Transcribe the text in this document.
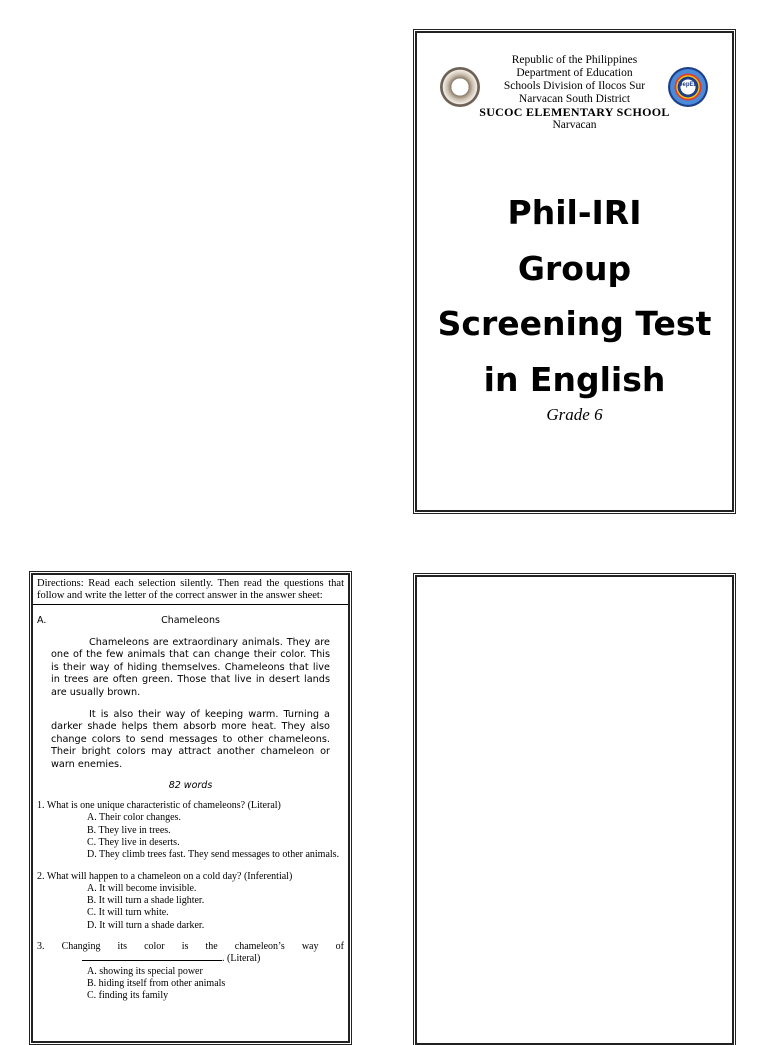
DepED
Republic of the Philippines
Department of Education
Schools Division of Ilocos Sur
Narvacan South District
SUCOC ELEMENTARY SCHOOL
Narvacan
Phil-IRI
Group
Screening Test
in English
Grade 6
Directions: Read each selection silently. Then read the questions that follow and write the letter of the correct answer in the answer sheet:
A.	Chameleons
Chameleons are extraordinary animals. They are one of the few animals that can change their color. This is their way of hiding themselves. Chameleons that live in trees are often green. Those that live in desert lands are usually brown.
It is also their way of keeping warm. Turning a darker shade helps them absorb more heat. They also change colors to send messages to other chameleons. Their bright colors may attract another chameleon or warn enemies.
82 words
1. What is one unique characteristic of chameleons? (Literal)
A. Their color changes.
B. They live in trees.
C. They live in deserts.
D. They climb trees fast. They send messages to other animals.
2. What will happen to a chameleon on a cold day? (Inferential)
A. It will become invisible.
B. It will turn a shade lighter.
C. It will turn white.
D. It will turn a shade darker.
3. Changing its color is the chameleon’s way of
. (Literal)
A. showing its special power
B. hiding itself from other animals
C. finding its family
